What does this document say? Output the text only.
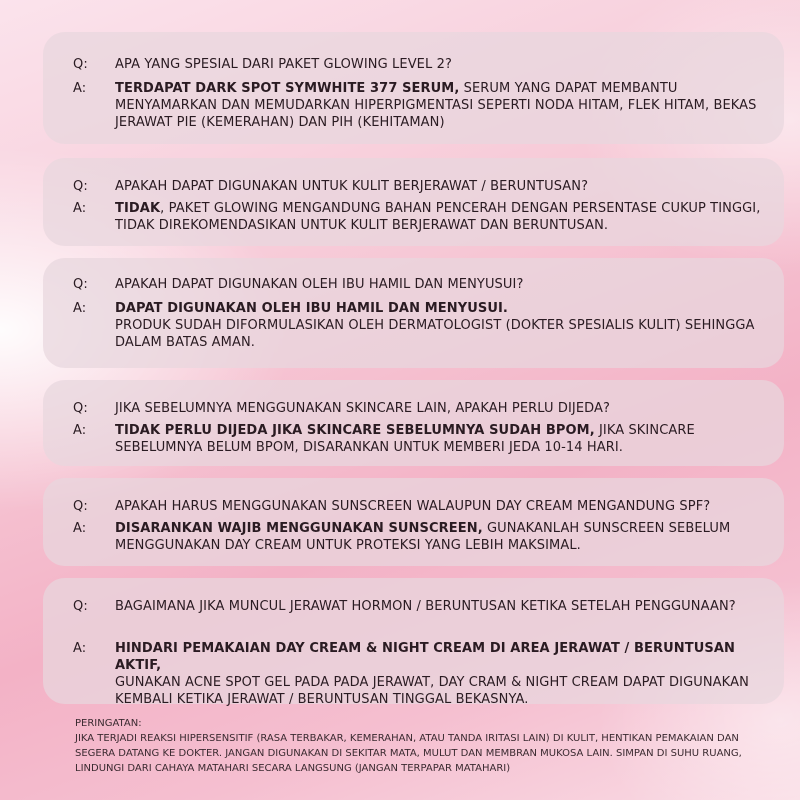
Q: APA YANG SPESIAL DARI PAKET GLOWING LEVEL 2?
A: TERDAPAT DARK SPOT SYMWHITE 377 SERUM, SERUM YANG DAPAT MEMBANTU MENYAMARKAN DAN MEMUDARKAN HIPERPIGMENTASI SEPERTI NODA HITAM, FLEK HITAM, BEKAS JERAWAT PIE (KEMERAHAN) DAN PIH (KEHITAMAN)
Q: APAKAH DAPAT DIGUNAKAN UNTUK KULIT BERJERAWAT / BERUNTUSAN?
A: TIDAK, PAKET GLOWING MENGANDUNG BAHAN PENCERAH DENGAN PERSENTASE CUKUP TINGGI, TIDAK DIREKOMENDASIKAN UNTUK KULIT BERJERAWAT DAN BERUNTUSAN.
Q: APAKAH DAPAT DIGUNAKAN OLEH IBU HAMIL DAN MENYUSUI?
A: DAPAT DIGUNAKAN OLEH IBU HAMIL DAN MENYUSUI.
PRODUK SUDAH DIFORMULASIKAN OLEH DERMATOLOGIST (DOKTER SPESIALIS KULIT) SEHINGGA DALAM BATAS AMAN.
Q: JIKA SEBELUMNYA MENGGUNAKAN SKINCARE LAIN, APAKAH PERLU DIJEDA?
A: TIDAK PERLU DIJEDA JIKA SKINCARE SEBELUMNYA SUDAH BPOM, JIKA SKINCARE SEBELUMNYA BELUM BPOM, DISARANKAN UNTUK MEMBERI JEDA 10-14 HARI.
Q: APAKAH HARUS MENGGUNAKAN SUNSCREEN WALAUPUN DAY CREAM MENGANDUNG SPF?
A: DISARANKAN WAJIB MENGGUNAKAN SUNSCREEN, GUNAKANLAH SUNSCREEN SEBELUM MENGGUNAKAN DAY CREAM UNTUK PROTEKSI YANG LEBIH MAKSIMAL.
Q: BAGAIMANA JIKA MUNCUL JERAWAT HORMON / BERUNTUSAN KETIKA SETELAH PENGGUNAAN?
A: HINDARI PEMAKAIAN DAY CREAM & NIGHT CREAM DI AREA JERAWAT / BERUNTUSAN AKTIF,
GUNAKAN ACNE SPOT GEL PADA PADA JERAWAT, DAY CRAM & NIGHT CREAM DAPAT DIGUNAKAN KEMBALI KETIKA JERAWAT / BERUNTUSAN TINGGAL BEKASNYA.
PERINGATAN:
JIKA TERJADI REAKSI HIPERSENSITIF (RASA TERBAKAR, KEMERAHAN, ATAU TANDA IRITASI LAIN) DI KULIT, HENTIKAN PEMAKAIAN DAN SEGERA DATANG KE DOKTER. JANGAN DIGUNAKAN DI SEKITAR MATA, MULUT DAN MEMBRAN MUKOSA LAIN. SIMPAN DI SUHU RUANG, LINDUNGI DARI CAHAYA MATAHARI SECARA LANGSUNG (JANGAN TERPAPAR MATAHARI)
